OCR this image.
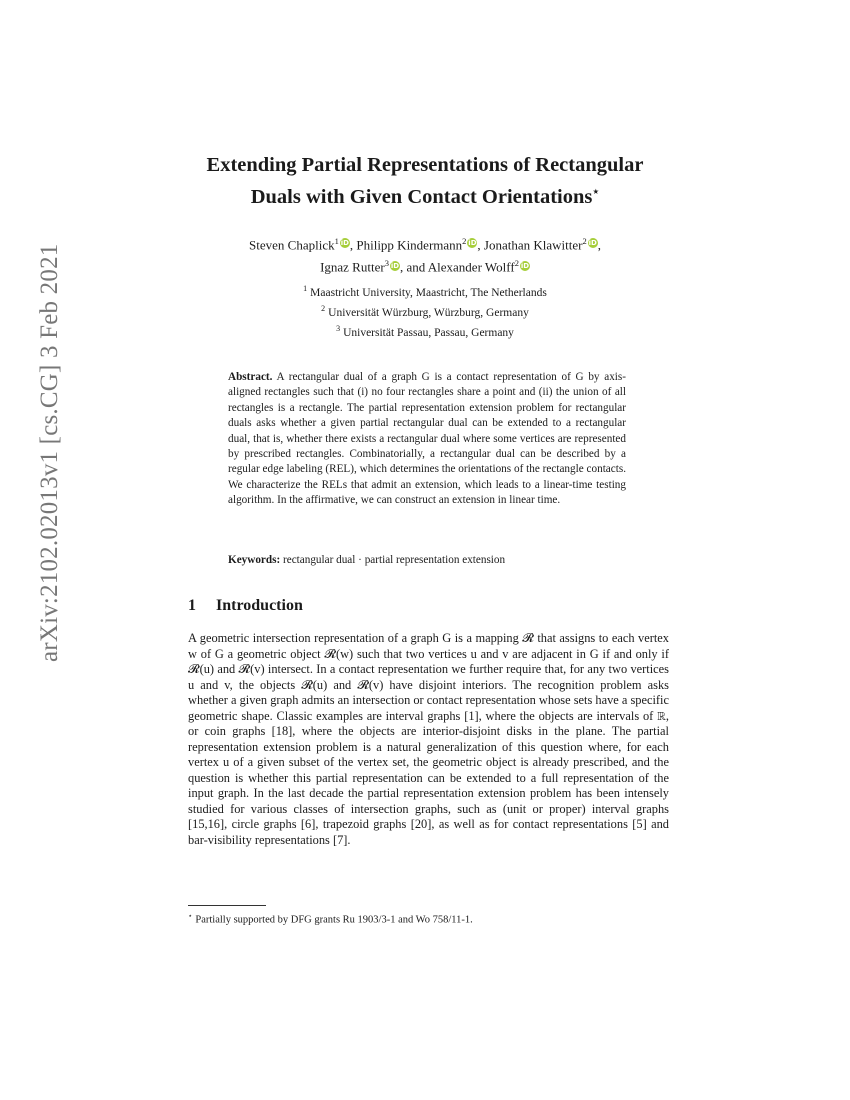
arXiv:2102.02013v1 [cs.CG] 3 Feb 2021
Extending Partial Representations of Rectangular
Duals with Given Contact Orientations⋆
Steven Chaplick$^1$ iD, Philipp Kindermann$^2$ iD, Jonathan Klawitter$^2$ iD,
Ignaz Rutter$^3$ iD, and Alexander Wolff$^2$ iD
$^1$ Maastricht University, Maastricht, The Netherlands
$^2$ Universität Würzburg, Würzburg, Germany
$^3$ Universität Passau, Passau, Germany
Abstract. A rectangular dual of a graph G is a contact representation of G by axis-aligned rectangles such that (i) no four rectangles share a point and (ii) the union of all rectangles is a rectangle. The partial representation extension problem for rectangular duals asks whether a given partial rectangular dual can be extended to a rectangular dual, that is, whether there exists a rectangular dual where some vertices are represented by prescribed rectangles. Combinatorially, a rectangular dual can be described by a regular edge labeling (REL), which determines the orientations of the rectangle contacts. We characterize the RELs that admit an extension, which leads to a linear-time testing algorithm. In the affirmative, we can construct an extension in linear time.
Keywords: rectangular dual · partial representation extension
1 Introduction
A geometric intersection representation of a graph G is a mapping 𝓡 that assigns to each vertex w of G a geometric object 𝓡(w) such that two vertices u and v are adjacent in G if and only if 𝓡(u) and 𝓡(v) intersect. In a contact representation we further require that, for any two vertices u and v, the objects 𝓡(u) and 𝓡(v) have disjoint interiors. The recognition problem asks whether a given graph admits an intersection or contact representation whose sets have a specific geometric shape. Classic examples are interval graphs [1], where the objects are intervals of ℝ, or coin graphs [18], where the objects are interior-disjoint disks in the plane. The partial representation extension problem is a natural generalization of this question where, for each vertex u of a given subset of the vertex set, the geometric object is already prescribed, and the question is whether this partial representation can be extended to a full representation of the input graph. In the last decade the partial representation extension problem has been intensely studied for various classes of intersection graphs, such as (unit or proper) interval graphs [15,16], circle graphs [6], trapezoid graphs [20], as well as for contact representations [5] and bar-visibility representations [7].
⋆ Partially supported by DFG grants Ru 1903/3-1 and Wo 758/11-1.
